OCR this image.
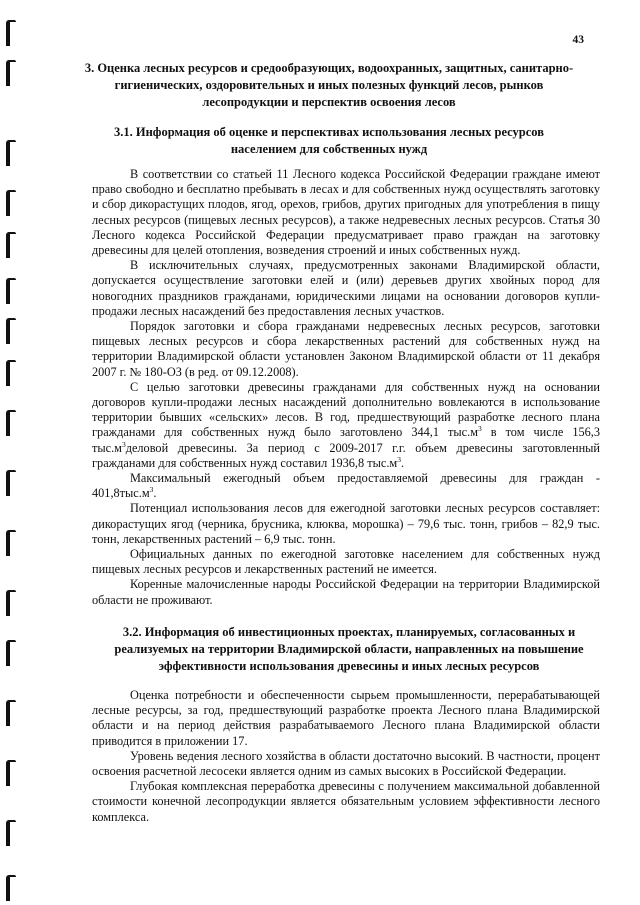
43
3. Оценка лесных ресурсов и средообразующих, водоохранных, защитных, санитарно-гигиенических, оздоровительных и иных полезных функций лесов, рынков лесопродукции и перспектив освоения лесов
3.1. Информация об оценке и перспективах использования лесных ресурсов населением для собственных нужд

В соответствии со статьей 11 Лесного кодекса Российской Федерации граждане имеют право свободно и бесплатно пребывать в лесах и для собственных нужд осуществлять заготовку и сбор дикорастущих плодов, ягод, орехов, грибов, других пригодных для употребления в пищу лесных ресурсов (пищевых лесных ресурсов), а также недревесных лесных ресурсов. Статья 30 Лесного кодекса Российской Федерации предусматривает право граждан на заготовку древесины для целей отопления, возведения строений и иных собственных нужд.

В исключительных случаях, предусмотренных законами Владимирской области, допускается осуществление заготовки елей и (или) деревьев других хвойных пород для новогодних праздников гражданами, юридическими лицами на основании договоров купли-продажи лесных насаждений без предоставления лесных участков.

Порядок заготовки и сбора гражданами недревесных лесных ресурсов, заготовки пищевых лесных ресурсов и сбора лекарственных растений для собственных нужд на территории Владимирской области установлен Законом Владимирской области от 11 декабря 2007 г. № 180-ОЗ (в ред. от 09.12.2008).

С целью заготовки древесины гражданами для собственных нужд на основании договоров купли-продажи лесных насаждений дополнительно вовлекаются в использование территории бывших «сельских» лесов. В год, предшествующий разработке лесного плана гражданами для собственных нужд было заготовлено 344,1 $тыс.м^3$ в том числе 156,3 $тыс.м^3деловой$ древесины. За период с 2009-2017 г.г. объем древесины заготовленный гражданами для собственных нужд составил 1936,8 $тыс.м^3$.

Максимальный ежегодный объем предоставляемой древесины для граждан - $401,8тыс.м^3$.

Потенциал использования лесов для ежегодной заготовки лесных ресурсов составляет: дикорастущих ягод (черника, брусника, клюква, морошка) – 79,6 тыс. тонн, грибов – 82,9 тыс. тонн, лекарственных растений – 6,9 тыс. тонн.

Официальных данных по ежегодной заготовке населением для собственных нужд пищевых лесных ресурсов и лекарственных растений не имеется.

Коренные малочисленные народы Российской Федерации на территории Владимирской области не проживают.

3.2. Информация об инвестиционных проектах, планируемых, согласованных и реализуемых на территории Владимирской области, направленных на повышение эффективности использования древесины и иных лесных ресурсов

Оценка потребности и обеспеченности сырьем промышленности, перерабатывающей лесные ресурсы, за год, предшествующий разработке проекта Лесного плана Владимирской области и на период действия разрабатываемого Лесного плана Владимирской области приводится в приложении 17.

Уровень ведения лесного хозяйства в области достаточно высокий. В частности, процент освоения расчетной лесосеки является одним из самых высоких в Российской Федерации.

Глубокая комплексная переработка древесины с получением максимальной добавленной стоимости конечной лесопродукции является обязательным условием эффективности лесного комплекса.
